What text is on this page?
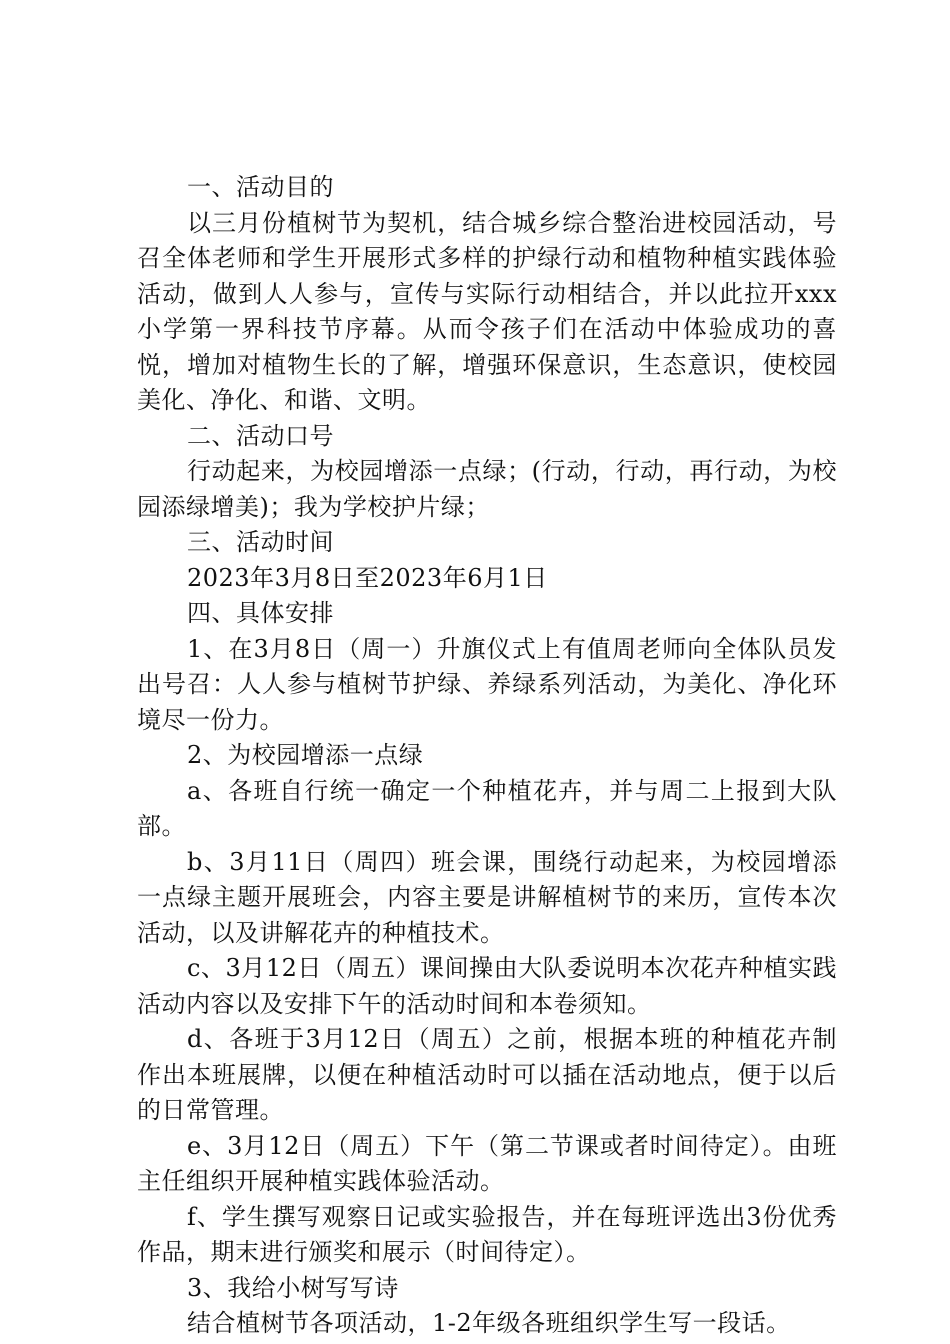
一、活动目的

以三月份植树节为契机，结合城乡综合整治进校园活动，号召全体老师和学生开展形式多样的护绿行动和植物种植实践体验活动，做到人人参与，宣传与实际行动相结合，并以此拉开xxx小学第一界科技节序幕。从而令孩子们在活动中体验成功的喜悦，增加对植物生长的了解，增强环保意识，生态意识，使校园美化、净化、和谐、文明。

二、活动口号

行动起来，为校园增添一点绿；(行动，行动，再行动，为校园添绿增美)；我为学校护片绿；

三、活动时间

2023年3月8日至2023年6月1日

四、具体安排

1、在3月8日（周一）升旗仪式上有值周老师向全体队员发出号召：人人参与植树节护绿、养绿系列活动，为美化、净化环境尽一份力。

2、为校园增添一点绿

a、各班自行统一确定一个种植花卉，并与周二上报到大队部。

b、3月11日（周四）班会课，围绕行动起来，为校园增添一点绿主题开展班会，内容主要是讲解植树节的来历，宣传本次活动，以及讲解花卉的种植技术。

c、3月12日（周五）课间操由大队委说明本次花卉种植实践活动内容以及安排下午的活动时间和本卷须知。

d、各班于3月12日（周五）之前，根据本班的种植花卉制作出本班展牌，以便在种植活动时可以插在活动地点，便于以后的日常管理。

e、3月12日（周五）下午（第二节课或者时间待定）。由班主任组织开展种植实践体验活动。

f、学生撰写观察日记或实验报告，并在每班评选出3份优秀作品，期末进行颁奖和展示（时间待定）。

3、我给小树写写诗

结合植树节各项活动，1-2年级各班组织学生写一段话。
